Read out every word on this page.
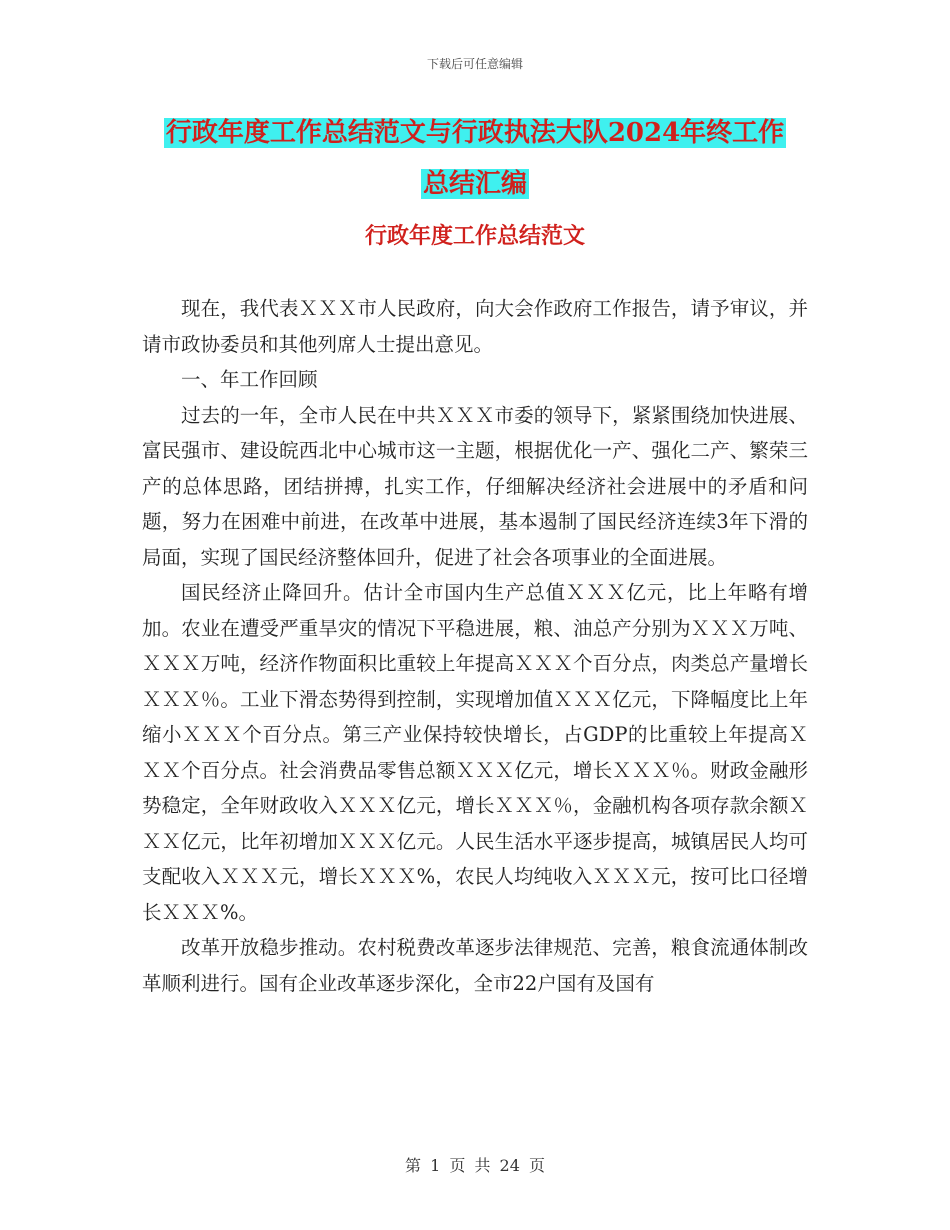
下载后可任意编辑
行政年度工作总结范文与行政执法大队2024年终工作
总结汇编
行政年度工作总结范文

现在，我代表ＸＸＸ市人民政府，向大会作政府工作报告，请予审议，并请市政协委员和其他列席人士提出意见。

一、年工作回顾

过去的一年，全市人民在中共ＸＸＸ市委的领导下，紧紧围绕加快进展、富民强市、建设皖西北中心城市这一主题，根据优化一产、强化二产、繁荣三产的总体思路，团结拼搏，扎实工作，仔细解决经济社会进展中的矛盾和问题，努力在困难中前进，在改革中进展，基本遏制了国民经济连续3年下滑的局面，实现了国民经济整体回升，促进了社会各项事业的全面进展。

国民经济止降回升。估计全市国内生产总值ＸＸＸ亿元，比上年略有增加。农业在遭受严重旱灾的情况下平稳进展，粮、油总产分别为ＸＸＸ万吨、ＸＸＸ万吨，经济作物面积比重较上年提高ＸＸＸ个百分点，肉类总产量增长ＸＸＸ％。工业下滑态势得到控制，实现增加值ＸＸＸ亿元，下降幅度比上年缩小ＸＸＸ个百分点。第三产业保持较快增长，占GDP的比重较上年提高ＸＸＸ个百分点。社会消费品零售总额ＸＸＸ亿元，增长ＸＸＸ％。财政金融形势稳定，全年财政收入ＸＸＸ亿元，增长ＸＸＸ％，金融机构各项存款余额ＸＸＸ亿元，比年初增加ＸＸＸ亿元。人民生活水平逐步提高，城镇居民人均可支配收入ＸＸＸ元，增长ＸＸＸ%，农民人均纯收入ＸＸＸ元，按可比口径增长ＸＸＸ%。

改革开放稳步推动。农村税费改革逐步法律规范、完善，粮食流通体制改革顺利进行。国有企业改革逐步深化，全市22户国有及国有

第 1 页 共 24 页
